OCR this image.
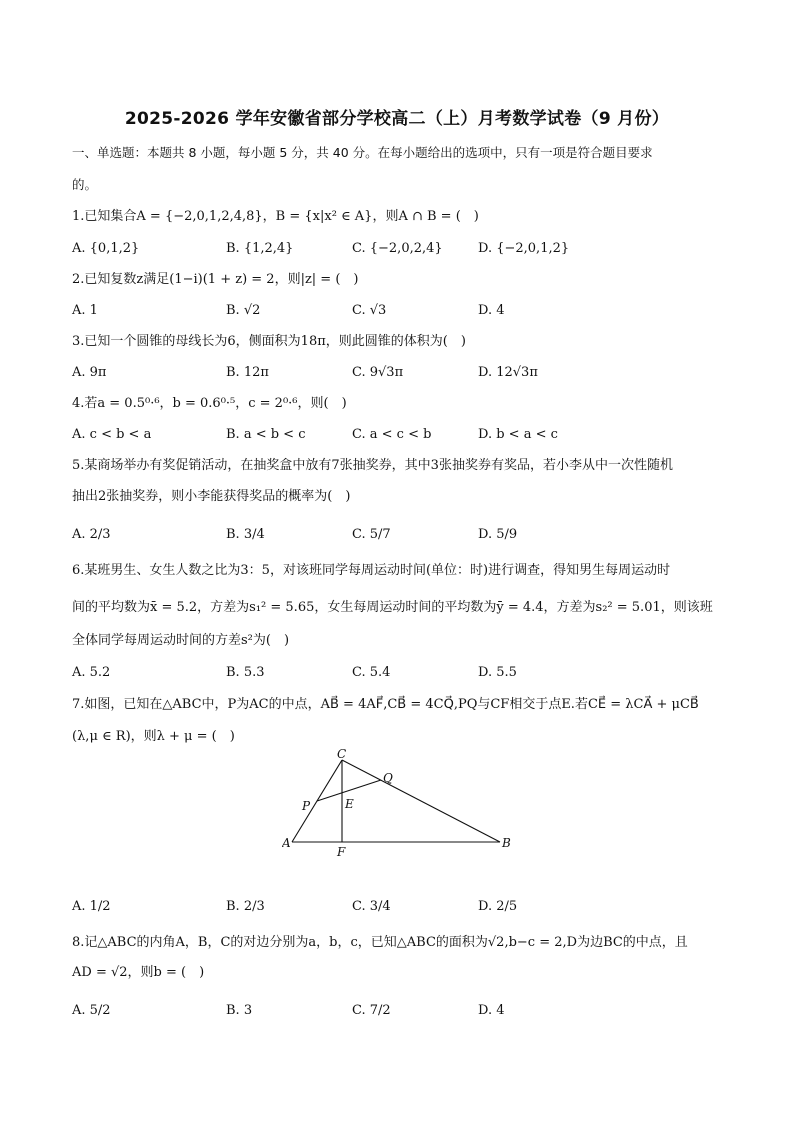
2025-2026 学年安徽省部分学校高二（上）月考数学试卷（9 月份）
一、单选题：本题共 8 小题，每小题 5 分，共 40 分。在每小题给出的选项中，只有一项是符合题目要求
的。
1.已知集合A = {−2,0,1,2,4,8}，B = {x|x² ∈ A}，则A ∩ B = (　)
A. {0,1,2}	B. {1,2,4}	C. {−2,0,2,4}	D. {−2,0,1,2}
2.已知复数z满足(1−i)(1 + z) = 2，则|z| = (　)
A. 1	B. √2	C. √3	D. 4
3.已知一个圆锥的母线长为6，侧面积为18π，则此圆锥的体积为(　)
A. 9π	B. 12π	C. 9√3π	D. 12√3π
4.若a = 0.5⁰·⁶，b = 0.6⁰·⁵，c = 2⁰·⁶，则(　)
A. c < b < a	B. a < b < c	C. a < c < b	D. b < a < c
5.某商场举办有奖促销活动，在抽奖盒中放有7张抽奖券，其中3张抽奖券有奖品，若小李从中一次性随机
抽出2张抽奖券，则小李能获得奖品的概率为(　)
A. 2/3	B. 3/4	C. 5/7	D. 5/9
6.某班男生、女生人数之比为3：5，对该班同学每周运动时间(单位：时)进行调查，得知男生每周运动时
间的平均数为x̄ = 5.2，方差为s₁² = 5.65，女生每周运动时间的平均数为ȳ = 4.4，方差为s₂² = 5.01，则该班
全体同学每周运动时间的方差s²为(　)
A. 5.2	B. 5.3	C. 5.4	D. 5.5
7.如图，已知在△ABC中，P为AC的中点，AB⃗ = 4AF⃗,CB⃗ = 4CQ⃗,PQ与CF相交于点E.若CE⃗ = λCA⃗ + μCB⃗
(λ,μ ∈ R)，则λ + μ = (　)
A	B
C
P
Q
E
F
A. 1/2	B. 2/3	C. 3/4	D. 2/5
8.记△ABC的内角A，B，C的对边分别为a，b，c，已知△ABC的面积为√2,b−c = 2,D为边BC的中点，且
AD = √2，则b = (　)
A. 5/2	B. 3	C. 7/2	D. 4
